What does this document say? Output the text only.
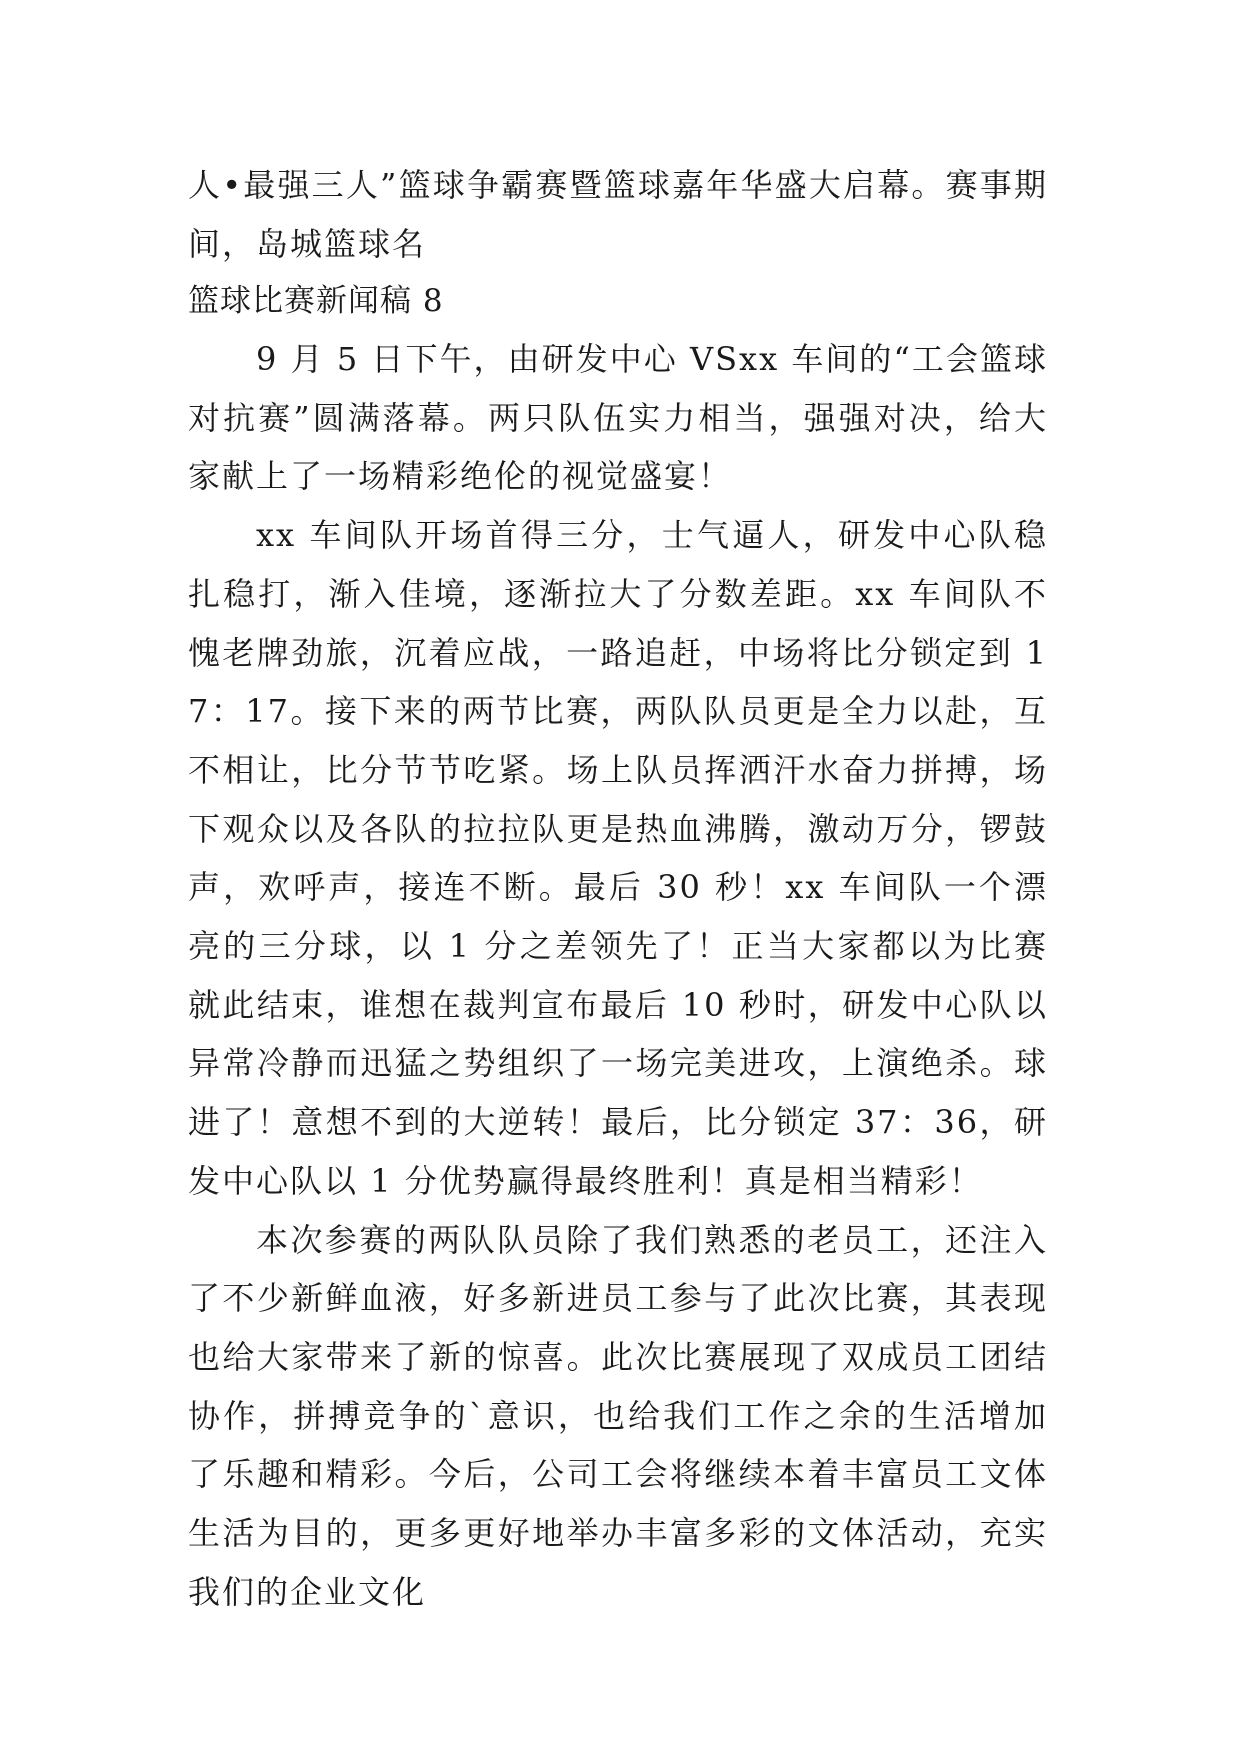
人•最强三人”篮球争霸赛暨篮球嘉年华盛大启幕。赛事期间，岛城篮球名

篮球比赛新闻稿 8

9 月 5 日下午，由研发中心 VSxx 车间的“工会篮球对抗赛”圆满落幕。两只队伍实力相当，强强对决，给大家献上了一场精彩绝伦的视觉盛宴！

xx 车间队开场首得三分，士气逼人，研发中心队稳扎稳打，渐入佳境，逐渐拉大了分数差距。xx 车间队不愧老牌劲旅，沉着应战，一路追赶，中场将比分锁定到 17：17。接下来的两节比赛，两队队员更是全力以赴，互不相让，比分节节吃紧。场上队员挥洒汗水奋力拼搏，场下观众以及各队的拉拉队更是热血沸腾，激动万分，锣鼓声，欢呼声，接连不断。最后 30 秒！xx 车间队一个漂亮的三分球，以 1 分之差领先了！正当大家都以为比赛就此结束，谁想在裁判宣布最后 10 秒时，研发中心队以异常冷静而迅猛之势组织了一场完美进攻，上演绝杀。球进了！意想不到的大逆转！最后，比分锁定 37：36，研发中心队以 1 分优势赢得最终胜利！真是相当精彩！

本次参赛的两队队员除了我们熟悉的老员工，还注入了不少新鲜血液，好多新进员工参与了此次比赛，其表现也给大家带来了新的惊喜。此次比赛展现了双成员工团结协作，拼搏竞争的`意识，也给我们工作之余的生活增加了乐趣和精彩。今后，公司工会将继续本着丰富员工文体生活为目的，更多更好地举办丰富多彩的文体活动，充实我们的企业文化
